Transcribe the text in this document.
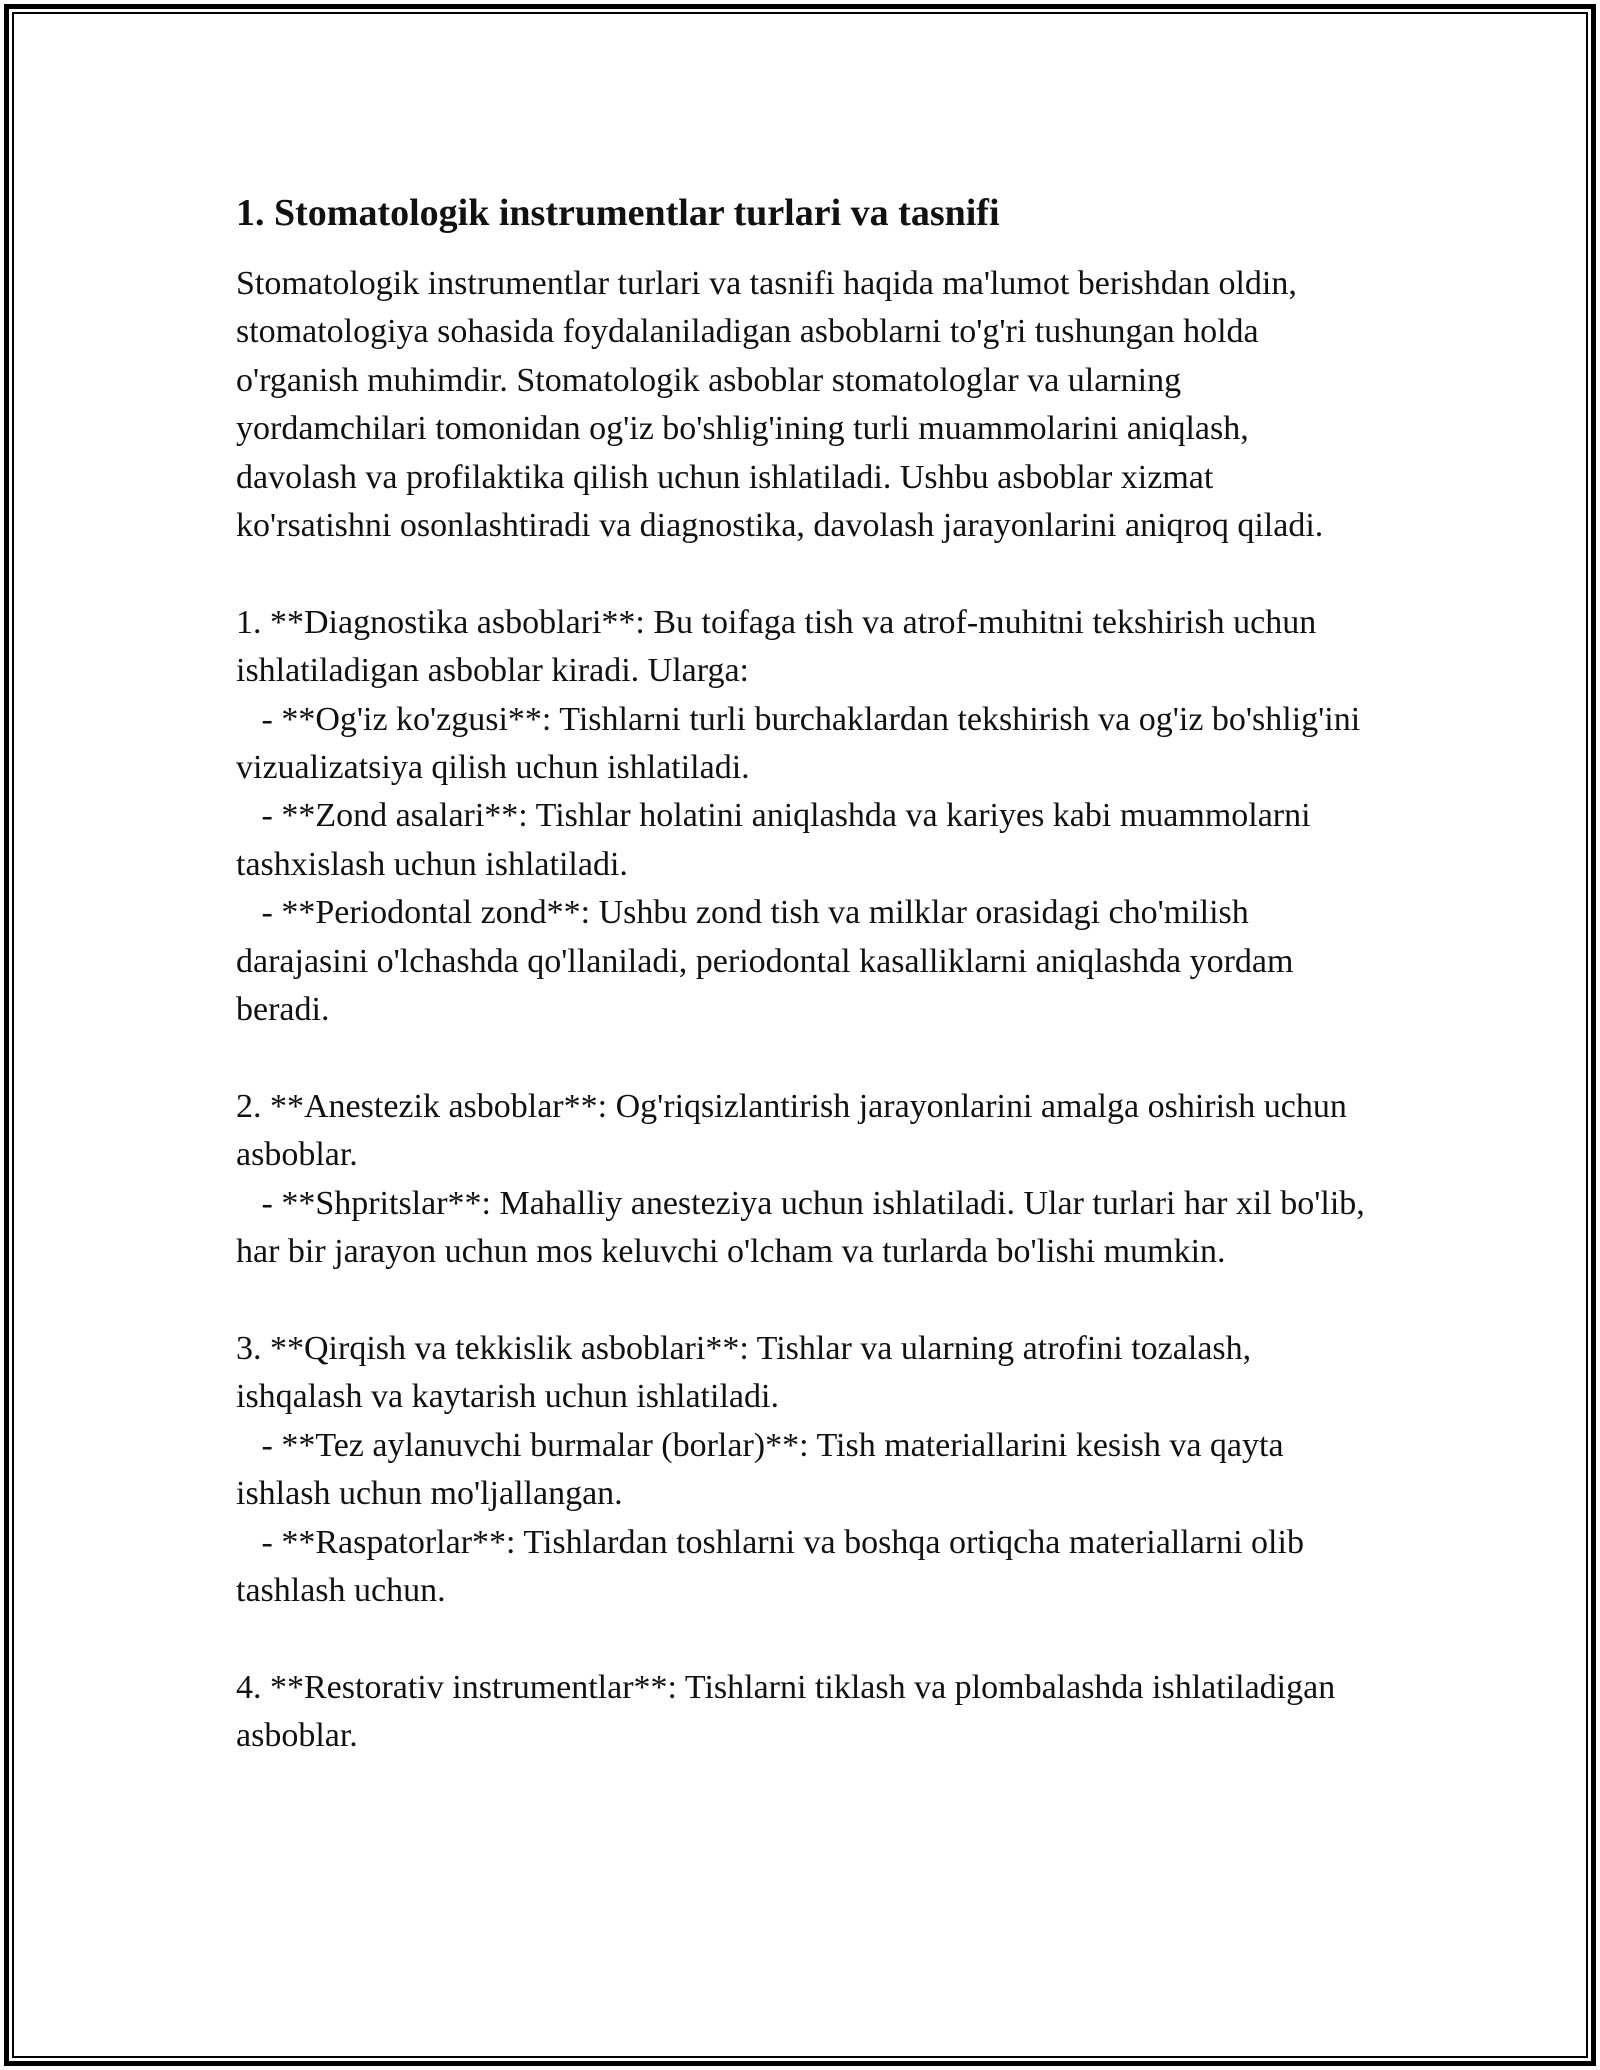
1. Stomatologik instrumentlar turlari va tasnifi

Stomatologik instrumentlar turlari va tasnifi haqida ma'lumot berishdan oldin, stomatologiya sohasida foydalaniladigan asboblarni to'g'ri tushungan holda o'rganish muhimdir. Stomatologik asboblar stomatologlar va ularning yordamchilari tomonidan og'iz bo'shlig'ining turli muammolarini aniqlash, davolash va profilaktika qilish uchun ishlatiladi. Ushbu asboblar xizmat ko'rsatishni osonlashtiradi va diagnostika, davolash jarayonlarini aniqroq qiladi.

1. **Diagnostika asboblari**: Bu toifaga tish va atrof-muhitni tekshirish uchun ishlatiladigan asboblar kiradi. Ularga:
- **Og'iz ko'zgusi**: Tishlarni turli burchaklardan tekshirish va og'iz bo'shlig'ini vizualizatsiya qilish uchun ishlatiladi.
- **Zond asalari**: Tishlar holatini aniqlashda va kariyes kabi muammolarni tashxislash uchun ishlatiladi.
- **Periodontal zond**: Ushbu zond tish va milklar orasidagi cho'milish darajasini o'lchashda qo'llaniladi, periodontal kasalliklarni aniqlashda yordam beradi.

2. **Anestezik asboblar**: Og'riqsizlantirish jarayonlarini amalga oshirish uchun asboblar.
- **Shpritslar**: Mahalliy anesteziya uchun ishlatiladi. Ular turlari har xil bo'lib, har bir jarayon uchun mos keluvchi o'lcham va turlarda bo'lishi mumkin.

3. **Qirqish va tekkislik asboblari**: Tishlar va ularning atrofini tozalash, ishqalash va kaytarish uchun ishlatiladi.
- **Tez aylanuvchi burmalar (borlar)**: Tish materiallarini kesish va qayta ishlash uchun mo'ljallangan.
- **Raspatorlar**: Tishlardan toshlarni va boshqa ortiqcha materiallarni olib tashlash uchun.

4. **Restorativ instrumentlar**: Tishlarni tiklash va plombalashda ishlatiladigan asboblar.
